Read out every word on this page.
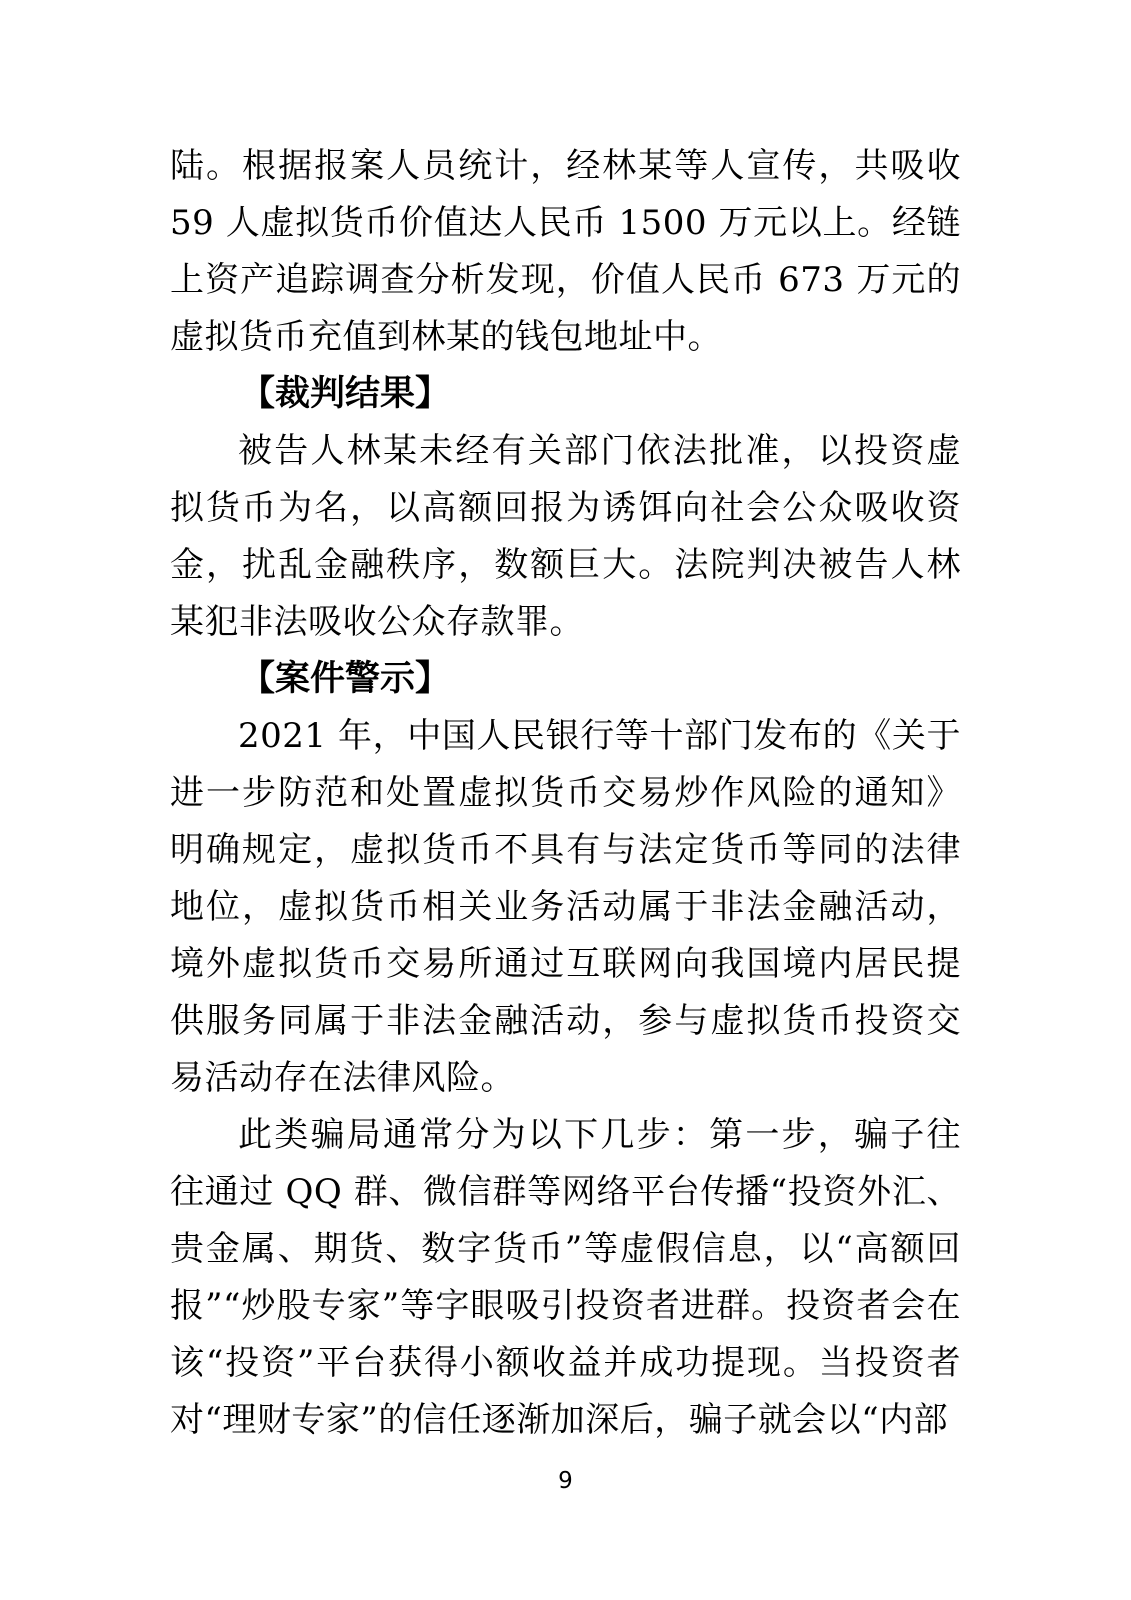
陆。根据报案人员统计，经林某等人宣传，共吸收 59 人虚拟货币价值达人民币 1500 万元以上。经链上资产追踪调查分析发现，价值人民币 673 万元的虚拟货币充值到林某的钱包地址中。

【裁判结果】

被告人林某未经有关部门依法批准，以投资虚拟货币为名，以高额回报为诱饵向社会公众吸收资金，扰乱金融秩序，数额巨大。法院判决被告人林某犯非法吸收公众存款罪。

【案件警示】

2021 年，中国人民银行等十部门发布的《关于进一步防范和处置虚拟货币交易炒作风险的通知》明确规定，虚拟货币不具有与法定货币等同的法律地位，虚拟货币相关业务活动属于非法金融活动，境外虚拟货币交易所通过互联网向我国境内居民提供服务同属于非法金融活动，参与虚拟货币投资交易活动存在法律风险。

此类骗局通常分为以下几步：第一步，骗子往往通过 QQ 群、微信群等网络平台传播“投资外汇、贵金属、期货、数字货币”等虚假信息，以“高额回报”“炒股专家”等字眼吸引投资者进群。投资者会在该“投资”平台获得小额收益并成功提现。当投资者对“理财专家”的信任逐渐加深后，骗子就会以“内部

9
